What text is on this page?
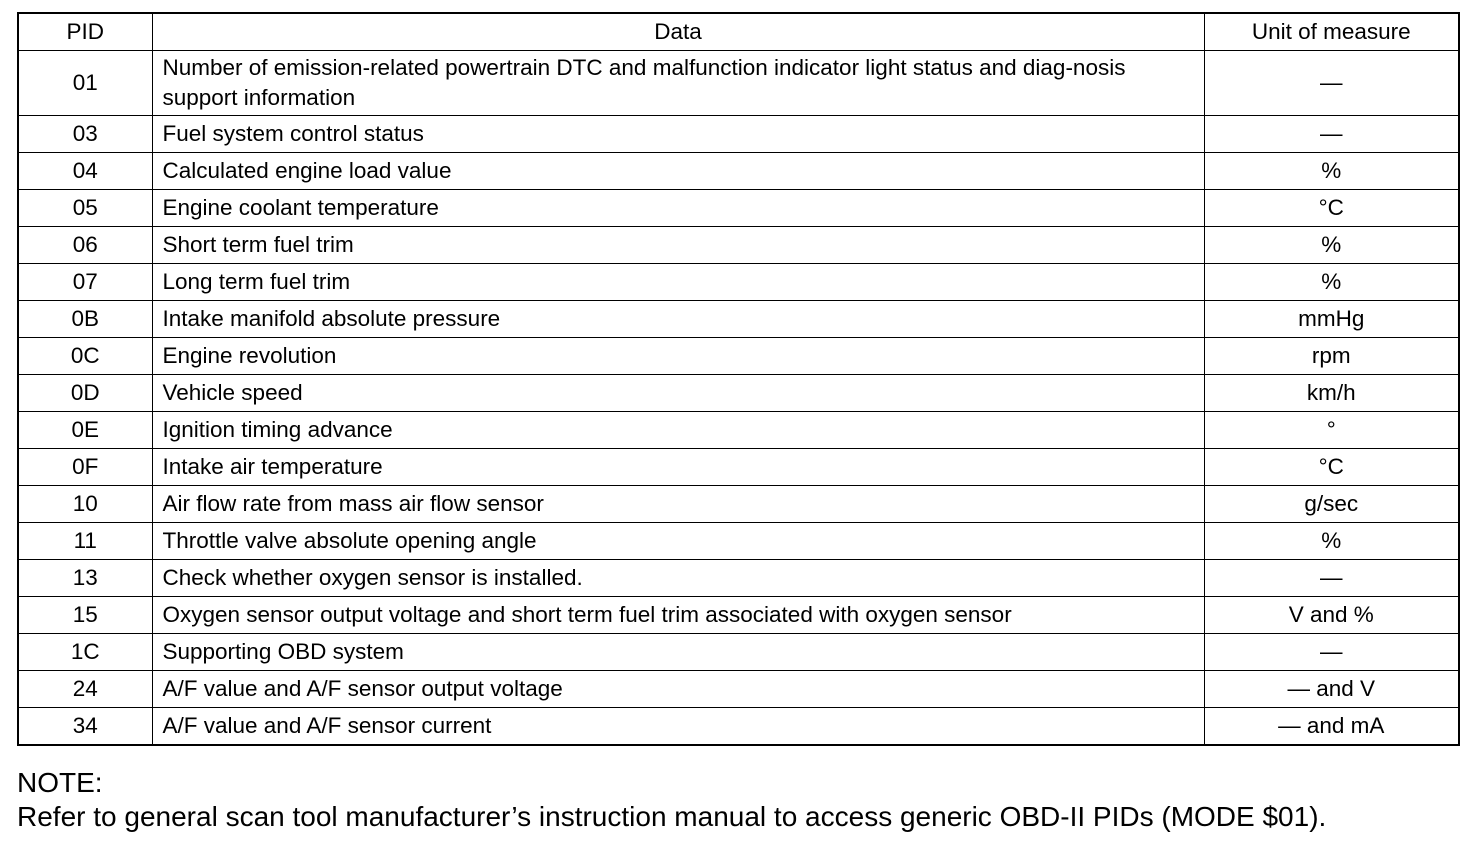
PID	Data	Unit of measure
01	Number of emission-related powertrain DTC and malfunction indicator light status and diag-nosis support information	—
03	Fuel system control status	—
04	Calculated engine load value	%
05	Engine coolant temperature	°C
06	Short term fuel trim	%
07	Long term fuel trim	%
0B	Intake manifold absolute pressure	mmHg
0C	Engine revolution	rpm
0D	Vehicle speed	km/h
0E	Ignition timing advance	°
0F	Intake air temperature	°C
10	Air flow rate from mass air flow sensor	g/sec
11	Throttle valve absolute opening angle	%
13	Check whether oxygen sensor is installed.	—
15	Oxygen sensor output voltage and short term fuel trim associated with oxygen sensor	V and %
1C	Supporting OBD system	—
24	A/F value and A/F sensor output voltage	— and V
34	A/F value and A/F sensor current	— and mA
NOTE:
Refer to general scan tool manufacturer’s instruction manual to access generic OBD-II PIDs (MODE $01).
